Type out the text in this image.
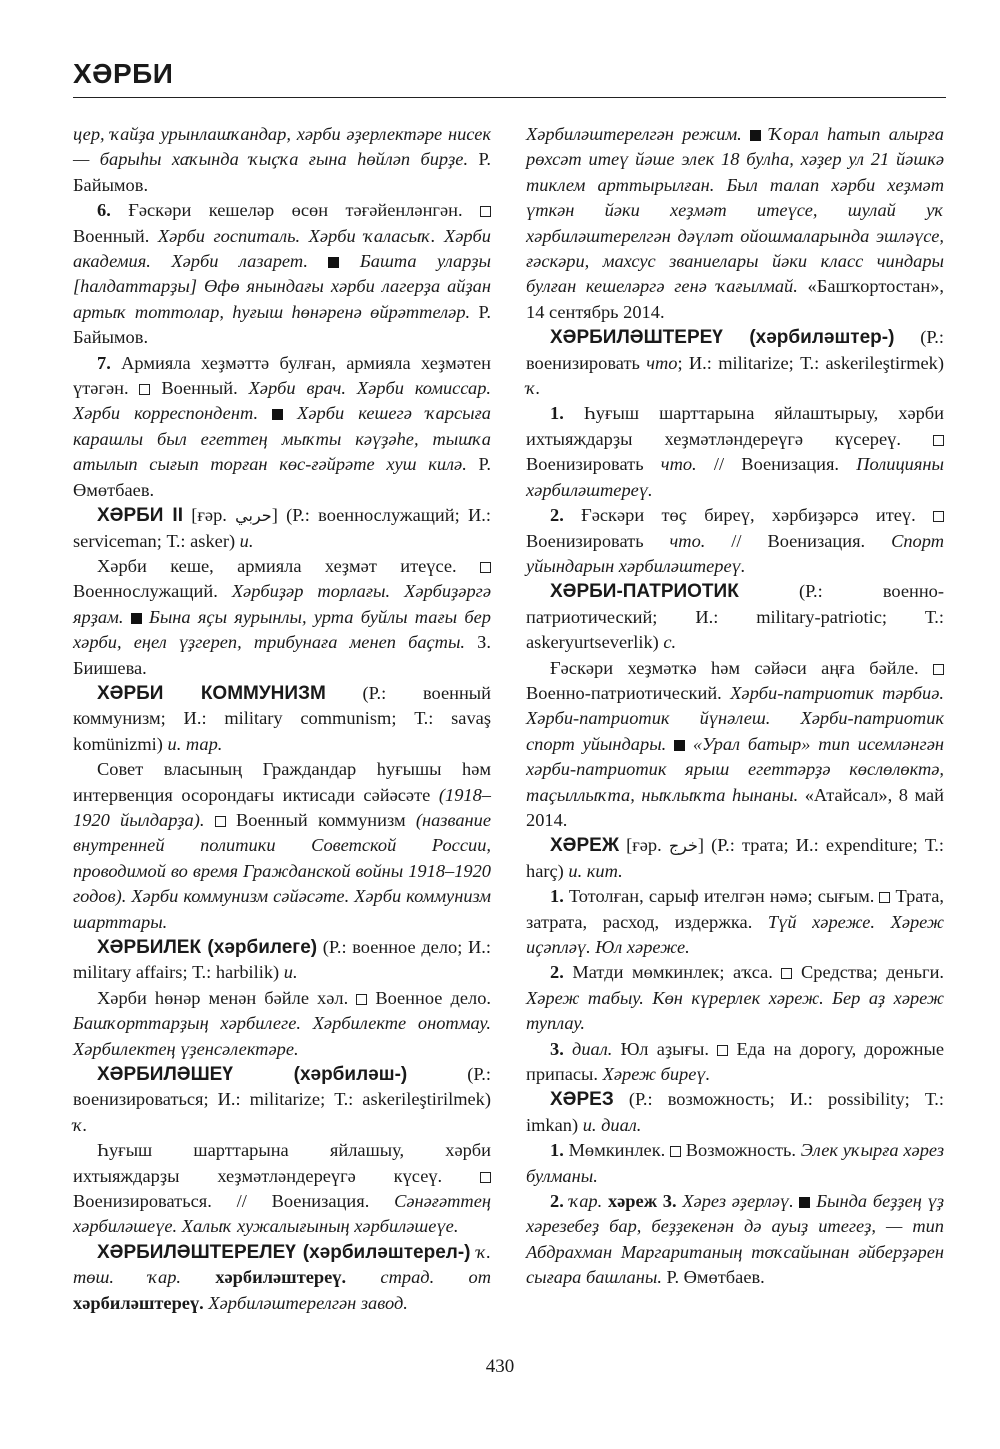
ХӘРБИ

цер, ҡайҙа урынлашҡандар, хәрби әҙерлектәре нисек — барыһы хаҡында ҡыҫҡа ғына һөйләп бирҙе. Р. Байымов.

6. Ғәскәри кешеләр өсөн тәғәйенләнгән.  Военный. Хәрби госпиталь. Хәрби ҡаласыҡ. Хәрби академия. Хәрби лазарет.  Башта уларҙы [һалдаттарҙы] Өфө янындағы хәрби лагерҙа айҙан артыҡ тоттолар, һуғыш һөнәренә өйрәттеләр. Р. Байымов.

7. Армияла хеҙмәттә булған, армияла хеҙмәтен үтәгән.  Военный. Хәрби врач. Хәрби комиссар. Хәрби корреспондент.  Хәрби кешегә ҡарсыға карашлы был егеттең мыҡты кәүҙәһе, тышҡа атылып сығып торған көс-ғәйрәте хуш килә. Р. Өмөтбаев.

ХӘРБИ II [ғәр. حربي] (Р.: военнослужащий; И.: serviceman; Т.: asker) и.

Хәрби кеше, армияла хеҙмәт итеүсе.  Военнослужащий. Хәрбиҙәр торлағы. Хәрбиҙәргә ярҙам.  Бына яҫы яурынлы, урта буйлы тағы бер хәрби, еңел үҙгереп, трибунаға менеп баҫты. З. Биишева.

ХӘРБИ КОММУНИЗМ (Р.: военный коммунизм; И.: military communism; Т.: savaş komünizmi) и. тар.

Совет власының Граждандар һуғышы һәм интервенция осорондағы иктисади сәйәсәте (1918–1920 йылдарҙа).  Военный коммунизм (название внутренней политики Советской России, проводимой во время Гражданской войны 1918–1920 годов). Хәрби коммунизм сәйәсәте. Хәрби коммунизм шарттары.

ХӘРБИЛЕК (хәрбилеге) (Р.: военное дело; И.: military affairs; Т.: harbilik) и.

Хәрби һөнәр менән бәйле хәл.  Военное дело. Башҡорттарҙың хәрбилеге. Хәрбилекте онотмау. Хәрбилектең үҙенсәлектәре.

ХӘРБИЛӘШЕҮ (хәрбиләш-) (Р.: военизироваться; И.: militarize; Т.: askerileştirilmek) ҡ.

Һуғыш шарттарына яйлашыу, хәрби ихтыяждарҙы хеҙмәтләндереүгә күсеү.  Военизироваться. // Военизация. Сәнәғәттең хәрбиләшеүе. Халыҡ хужалығының хәрбиләшеүе.

ХӘРБИЛӘШТЕРЕЛЕҮ (хәрбиләштерел-) ҡ. төш. ҡар. хәрбиләштереү. страд. от хәрбиләштереү. Хәрбиләштерелгән завод.

Хәрбиләштерелгән режим.  Ҡорал һатып алырға рөхсәт итеү йәше элек 18 булһа, хәҙер ул 21 йәшкә тиклем арттырылған. Был талап хәрби хеҙмәт үткән йәки хеҙмәт итеүсе, шулай уҡ хәрбиләштерелгән дәүләт ойошмаларында эшләүсе, ғәскәри, махсус званиелары йәки класс чиндары булған кешеләргә генә ҡағылмай. «Башҡортостан», 14 сентябрь 2014.

ХӘРБИЛӘШТЕРЕҮ (хәрбиләштер-) (Р.: военизировать что; И.: militarize; Т.: askerileştirmek) ҡ.

1. Һуғыш шарттарына яйлаштырыу, хәрби ихтыяждарҙы хеҙмәтләндереүгә күсереү.  Военизировать что. // Военизация. Полицияны хәрбиләштереү.

2. Ғәскәри төҫ биреү, хәрбиҙәрсә итеү.  Военизировать что. // Военизация. Спорт уйындарын хәрбиләштереү.

ХӘРБИ-ПАТРИОТИК (Р.: военно-патриотический; И.: military-patriotic; Т.: askeryurtseverlik) с.

Ғәскәри хеҙмәткә һәм сәйәси аңға бәйле.  Военно-патриотический. Хәрби-патриотик тәрбиә. Хәрби-патриотик йүнәлеш. Хәрби-патриотик спорт уйындары.  «Урал батыр» тип исемләнгән хәрби-патриотик ярыш егеттәрҙә көслөлөктә, таҫыллыҡта, ныҡлыҡта һынаны. «Атайсал», 8 май 2014.

ХӘРЕЖ [ғәр. خرج] (Р.: трата; И.: expenditure; Т.: harç) и. кит.

1. Тотолған, сарыф ителгән нәмә; сығым.  Трата, затрата, расход, издержка. Түй хәреже. Хәреж иҫәпләү. Юл хәреже.

2. Матди мөмкинлек; аҡса.  Средства; деньги. Хәреж табыу. Көн күрерлек хәреж. Бер аҙ хәреж туплау.

3. диал. Юл аҙығы.  Еда на дорогу, дорожные припасы. Хәреж биреү.

ХӘРЕЗ (Р.: возможность; И.: possibility; Т.: imkan) и. диал.

1. Мөмкинлек.  Возможность. Элек уҡырға хәрез булманы.

2. ҡар. хәреж 3. Хәрез әҙерләү.  Бында беҙҙең үҙ хәрезебеҙ бар, беҙҙекенән дә ауыҙ итегеҙ, — тип Абдрахман Маргаританың тоҡсайынан әйберҙәрен сығара башланы. Р. Өмөтбаев.

430
